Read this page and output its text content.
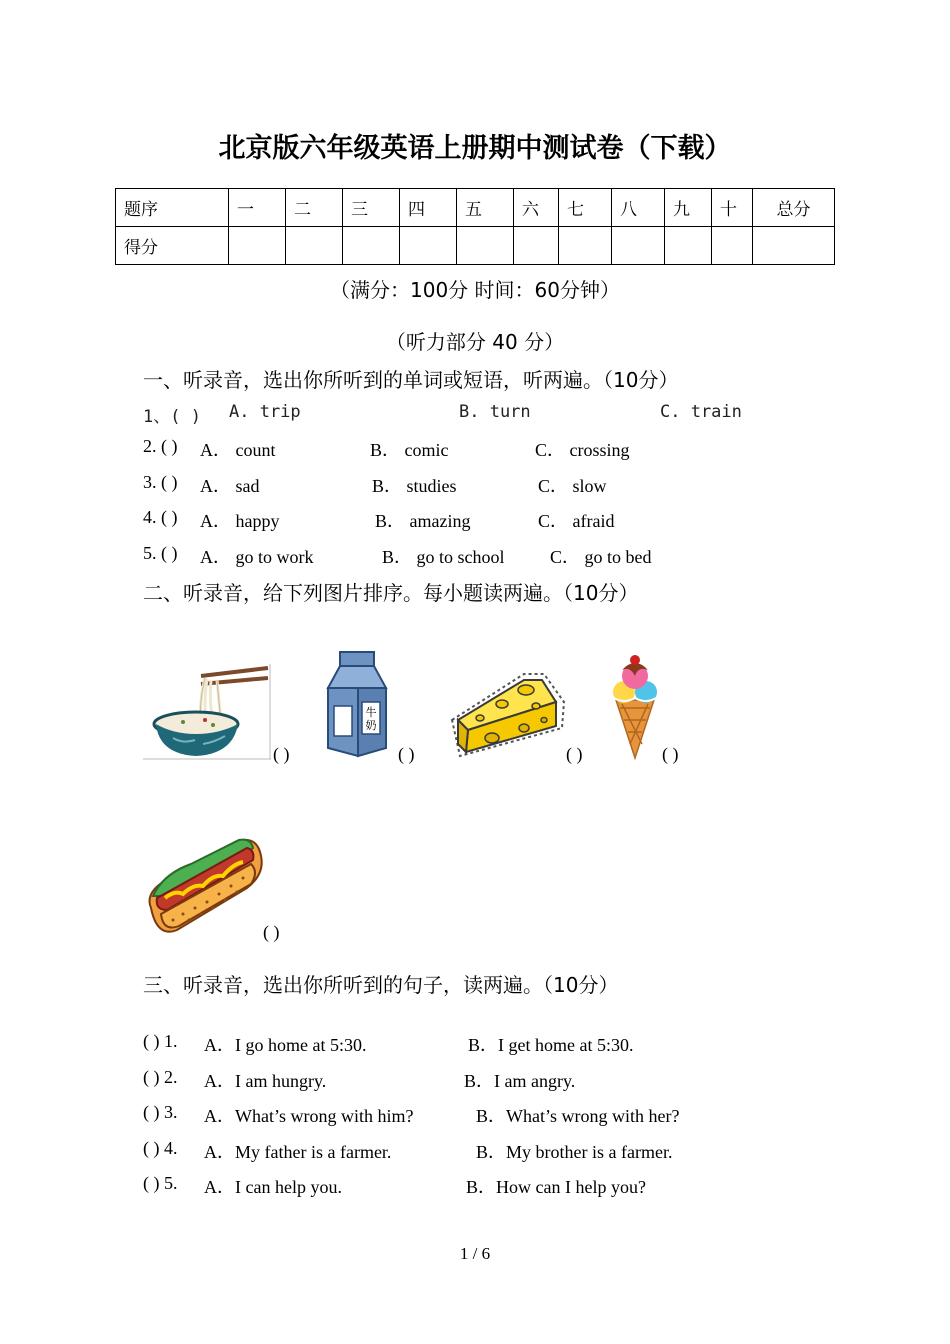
北京版六年级英语上册期中测试卷（下载）
题序	一	二	三	四	五	六	七	八	九	十	总分
得分											
（满分：100分 时间：60分钟）
（听力部分 40 分）
一、听录音，选出你所听到的单词或短语，听两遍。（10分）
1、( ) A. trip	B. turn	C. train
2. ( ) A． count	B． comic	C． crossing
3. ( ) A． sad	B． studies	C． slow
4. ( ) A． happy	B． amazing	C． afraid
5. ( ) A． go to work	B． go to school	C． go to bed
二、听录音，给下列图片排序。每小题读两遍。（10分）
( )
牛
奶
( )	( )	( )
( )
三、听录音，选出你所听到的句子，读两遍。（10分）
( ) 1. A．I go home at 5:30.	B．I get home at 5:30.
( ) 2. A．I am hungry.	B．I am angry.
( ) 3. A．What’s wrong with him?	B．What’s wrong with her?
( ) 4. A．My father is a farmer.	B．My brother is a farmer.
( ) 5. A．I can help you.	B．How can I help you?
1 / 6
